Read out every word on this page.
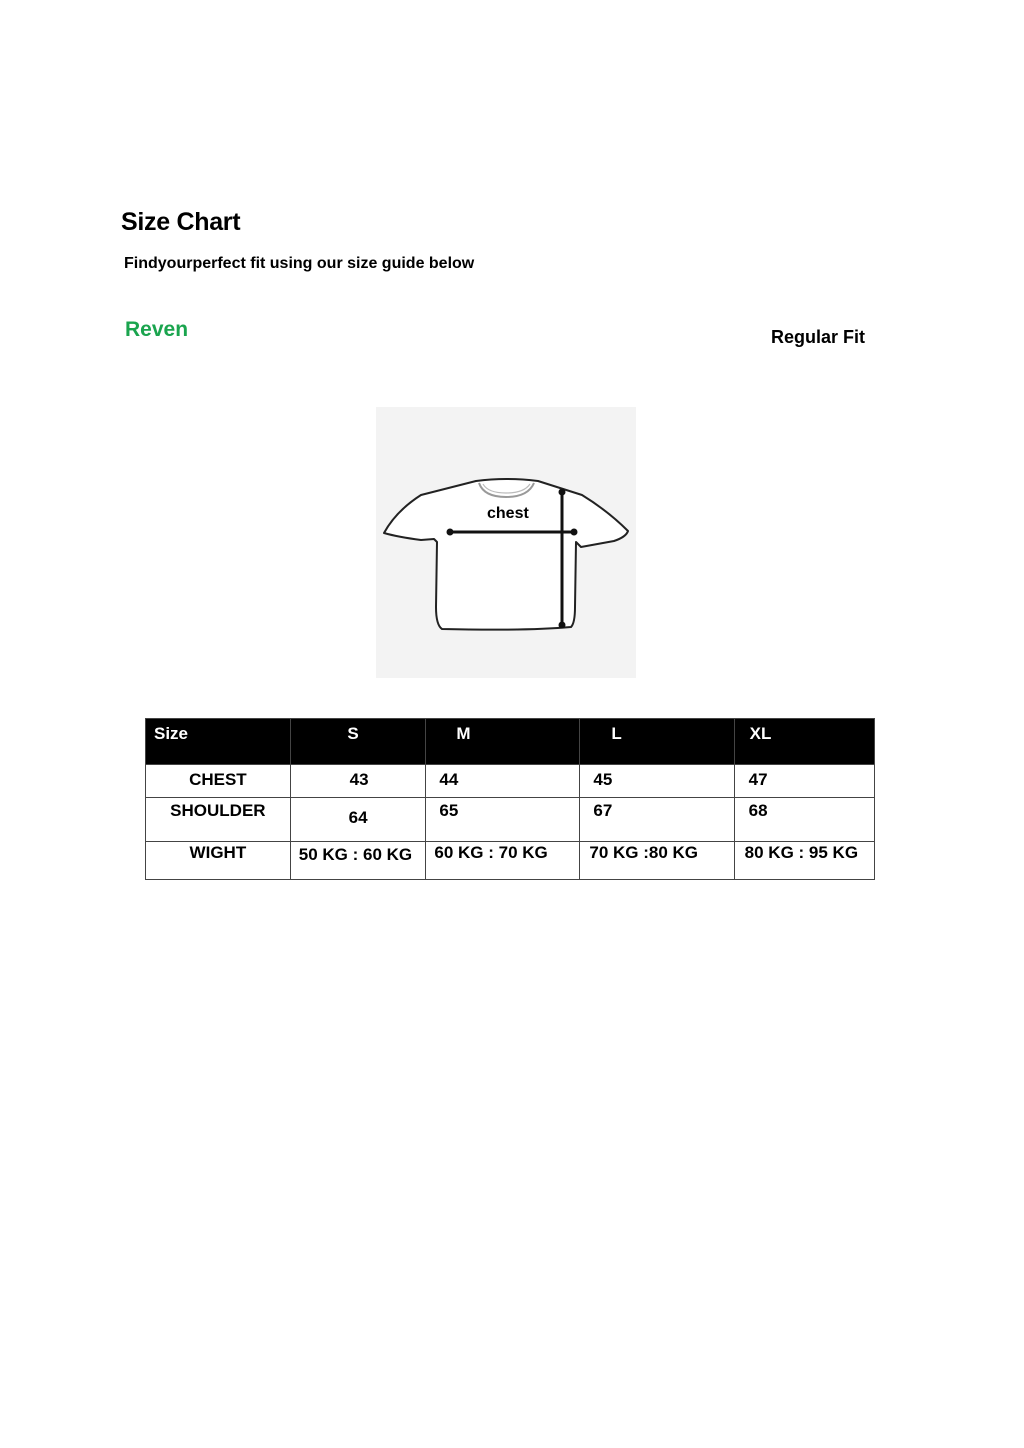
Size Chart
Findyourperfect fit using our size guide below
Reven	Regular Fit
chest
Size	S	M	L	XL

CHEST	43	44	45	47

SHOULDER	64	65	67	68

WIGHT	50 KG : 60 KG	60 KG : 70 KG	70 KG :80 KG	80 KG : 95 KG
